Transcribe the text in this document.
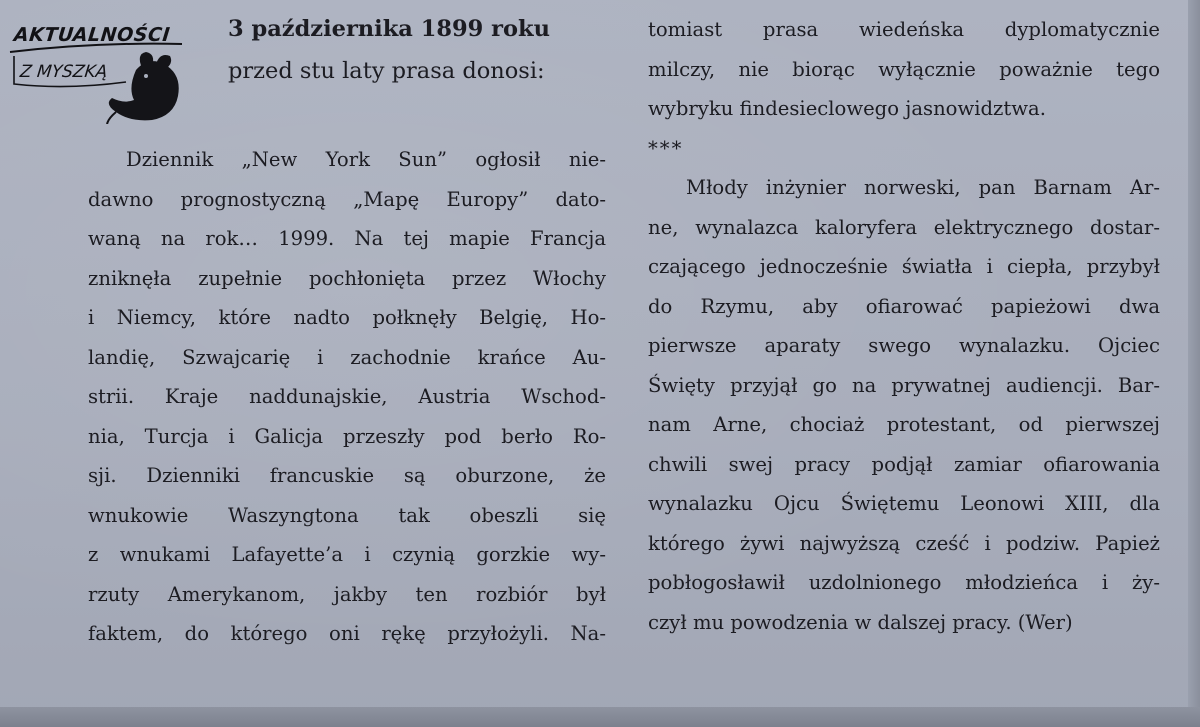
AKTUALNOŚCI
Z MYSZKĄ
3 października 1899 roku
przed stu laty prasa donosi:
Dziennik „New York Sun” ogłosił nie-
dawno prognostyczną „Mapę Europy” dato-
waną na rok… 1999. Na tej mapie Francja
zniknęła zupełnie pochłonięta przez Włochy
i Niemcy, które nadto połknęły Belgię, Ho-
landię, Szwajcarię i zachodnie krańce Au-
strii. Kraje naddunajskie, Austria Wschod-
nia, Turcja i Galicja przeszły pod berło Ro-
sji. Dzienniki francuskie są oburzone, że
wnukowie Waszyngtona tak obeszli się
z wnukami Lafayette’a i czynią gorzkie wy-
rzuty Amerykanom, jakby ten rozbiór był
faktem, do którego oni rękę przyłożyli. Na-
tomiast prasa wiedeńska dyplomatycznie
milczy, nie biorąc wyłącznie poważnie tego
wybryku findesieclowego jasnowidztwa.
***
Młody inżynier norweski, pan Barnam Ar-
ne, wynalazca kaloryfera elektrycznego dostar-
czającego jednocześnie światła i ciepła, przybył
do Rzymu, aby ofiarować papieżowi dwa
pierwsze aparaty swego wynalazku. Ojciec
Święty przyjął go na prywatnej audiencji. Bar-
nam Arne, chociaż protestant, od pierwszej
chwili swej pracy podjął zamiar ofiarowania
wynalazku Ojcu Świętemu Leonowi XIII, dla
którego żywi najwyższą cześć i podziw. Papież
pobłogosławił uzdolnionego młodzieńca i ży-
czył mu powodzenia w dalszej pracy. (Wer)
